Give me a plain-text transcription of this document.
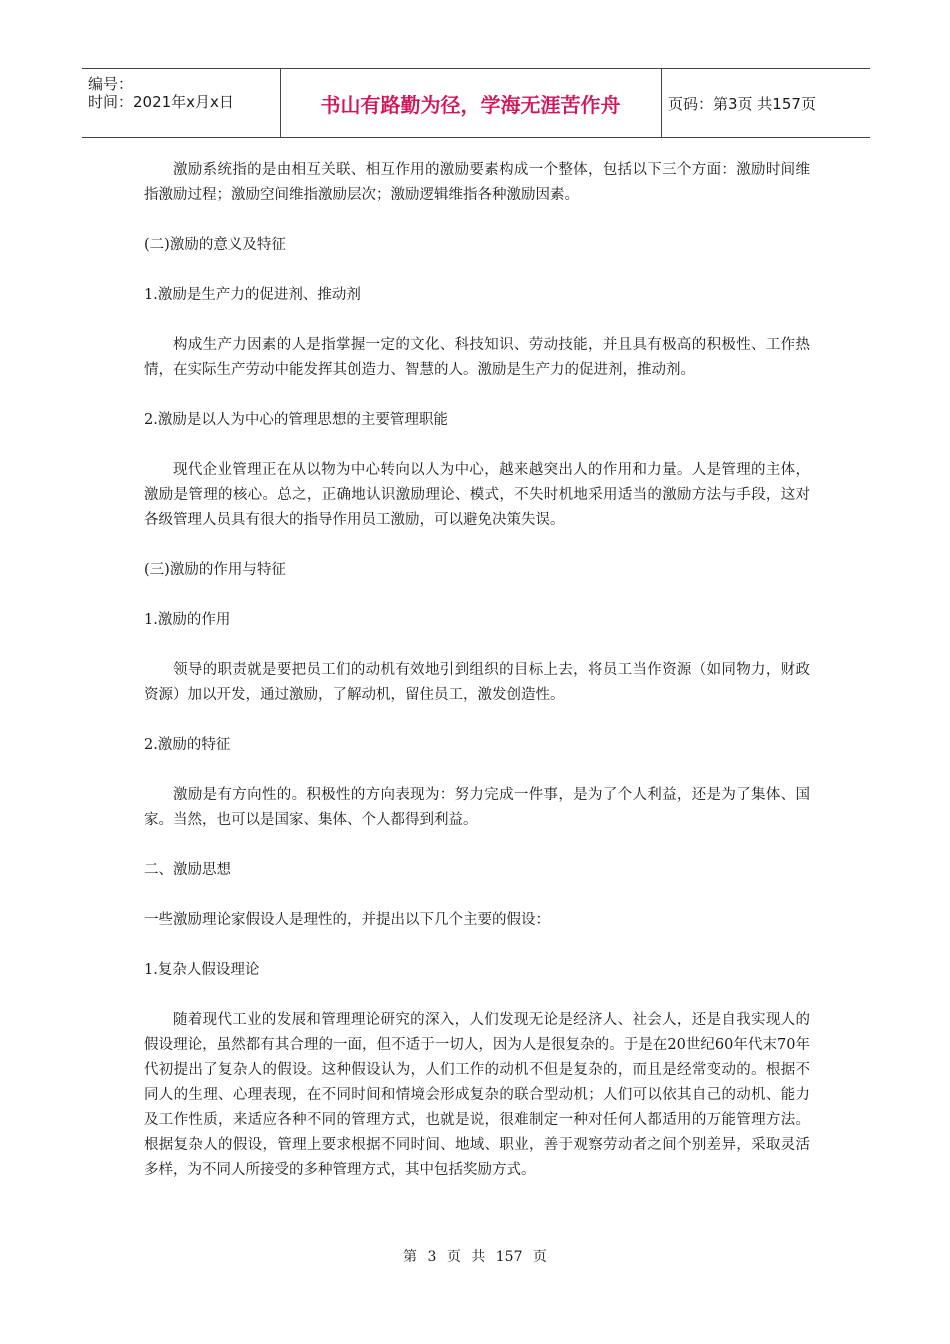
编号：
时间：2021年x月x日	书山有路勤为径，学海无涯苦作舟	页码：第3页 共157页

激励系统指的是由相互关联、相互作用的激励要素构成一个整体，包括以下三个方面：激励时间维指激励过程；激励空间维指激励层次；激励逻辑维指各种激励因素。

(二)激励的意义及特征

1.激励是生产力的促进剂、推动剂

构成生产力因素的人是指掌握一定的文化、科技知识、劳动技能，并且具有极高的积极性、工作热情，在实际生产劳动中能发挥其创造力、智慧的人。激励是生产力的促进剂，推动剂。

2.激励是以人为中心的管理思想的主要管理职能

现代企业管理正在从以物为中心转向以人为中心，越来越突出人的作用和力量。人是管理的主体，激励是管理的核心。总之，正确地认识激励理论、模式，不失时机地采用适当的激励方法与手段，这对各级管理人员具有很大的指导作用员工激励，可以避免决策失误。

(三)激励的作用与特征

1.激励的作用

领导的职责就是要把员工们的动机有效地引到组织的目标上去，将员工当作资源（如同物力，财政资源）加以开发，通过激励，了解动机，留住员工，激发创造性。

2.激励的特征

激励是有方向性的。积极性的方向表现为：努力完成一件事，是为了个人利益，还是为了集体、国家。当然，也可以是国家、集体、个人都得到利益。

二、激励思想

一些激励理论家假设人是理性的，并提出以下几个主要的假设：

1.复杂人假设理论

随着现代工业的发展和管理理论研究的深入，人们发现无论是经济人、社会人，还是自我实现人的假设理论，虽然都有其合理的一面，但不适于一切人，因为人是很复杂的。于是在20世纪60年代末70年代初提出了复杂人的假设。这种假设认为，人们工作的动机不但是复杂的，而且是经常变动的。根据不同人的生理、心理表现，在不同时间和情境会形成复杂的联合型动机；人们可以依其自己的动机、能力及工作性质，来适应各种不同的管理方式，也就是说，很难制定一种对任何人都适用的万能管理方法。根据复杂人的假设，管理上要求根据不同时间、地域、职业，善于观察劳动者之间个别差异，采取灵活多样，为不同人所接受的多种管理方式，其中包括奖励方式。

第 3 页 共 157 页
